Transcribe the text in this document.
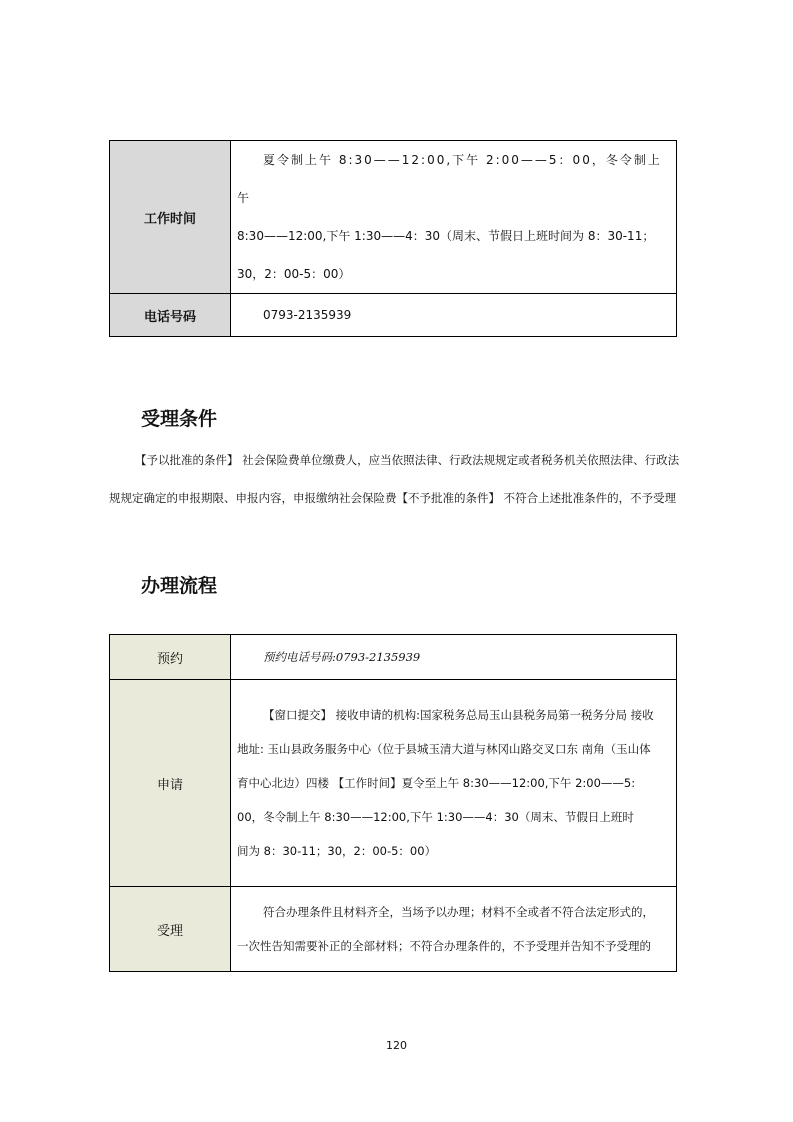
工作时间	夏令制上午 8:30——12:00,下午 2:00——5：00，冬令制上午
8:30——12:00,下午 1:30——4：30（周末、节假日上班时间为 8：30-11；
30，2：00-5：00）
电话号码	0793-2135939
受理条件

【予以批准的条件】 社会保险费单位缴费人，应当依照法律、行政法规规定或者税务机关依照法律、行政法
规规定确定的申报期限、申报内容，申报缴纳社会保险费【不予批准的条件】 不符合上述批准条件的，不予受理

办理流程
预约	预约电话号码:0793-2135939
申请	【窗口提交】 接收申请的机构:国家税务总局玉山县税务局第一税务分局 接收
地址: 玉山县政务服务中心（位于县城玉清大道与林冈山路交叉口东 南角（玉山体
育中心北边）四楼 【工作时间】夏令至上午 8:30——12:00,下午 2:00——5:
00，冬令制上午 8:30——12:00,下午 1:30——4：30（周末、节假日上班时
间为 8：30-11；30，2：00-5：00）
受理	符合办理条件且材料齐全，当场予以办理；材料不全或者不符合法定形式的，
一次性告知需要补正的全部材料；不符合办理条件的，不予受理并告知不予受理的
120
